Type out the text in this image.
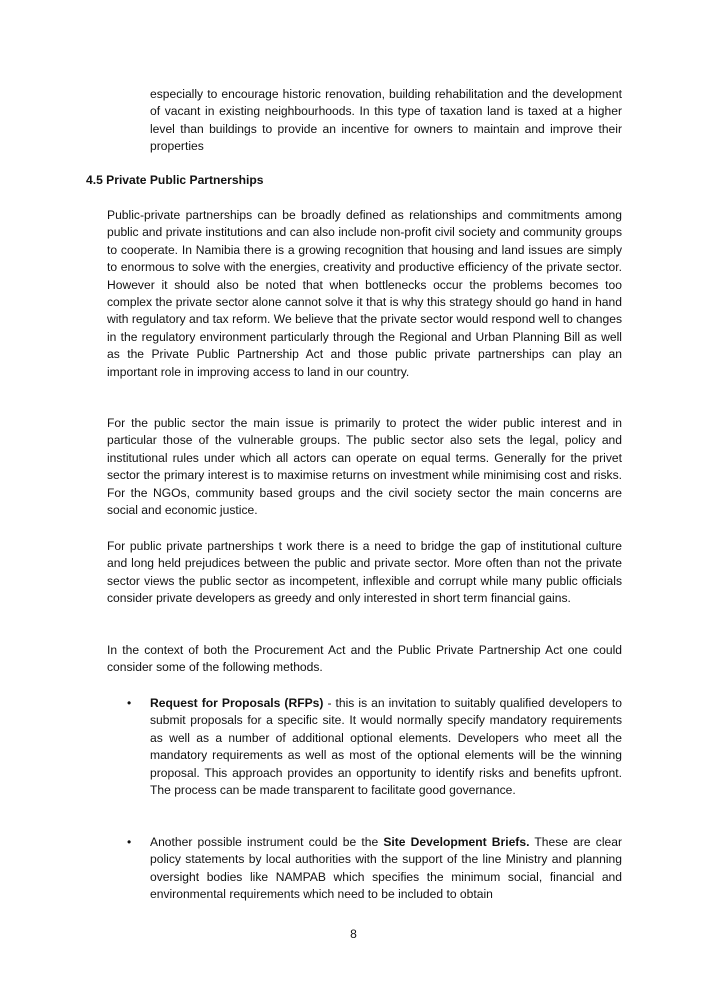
especially to encourage historic renovation, building rehabilitation and the development of vacant in existing neighbourhoods. In this type of taxation land is taxed at a higher level than buildings to provide an incentive for owners to maintain and improve their properties

4.5 Private Public Partnerships

Public-private partnerships can be broadly defined as relationships and commitments among public and private institutions and can also include non-profit civil society and community groups to cooperate. In Namibia there is a growing recognition that housing and land issues are simply to enormous to solve with the energies, creativity and productive efficiency of the private sector. However it should also be noted that when bottlenecks occur the problems becomes too complex the private sector alone cannot solve it that is why this strategy should go hand in hand with regulatory and tax reform. We believe that the private sector would respond well to changes in the regulatory environment particularly through the Regional and Urban Planning Bill as well as the Private Public Partnership Act and those public private partnerships can play an important role in improving access to land in our country.

For the public sector the main issue is primarily to protect the wider public interest and in particular those of the vulnerable groups. The public sector also sets the legal, policy and institutional rules under which all actors can operate on equal terms. Generally for the privet sector the primary interest is to maximise returns on investment while minimising cost and risks. For the NGOs, community based groups and the civil society sector the main concerns are social and economic justice.

For public private partnerships t work there is a need to bridge the gap of institutional culture and long held prejudices between the public and private sector. More often than not the private sector views the public sector as incompetent, inflexible and corrupt while many public officials consider private developers as greedy and only interested in short term financial gains.

In the context of both the Procurement Act and the Public Private Partnership Act one could consider some of the following methods.

• Request for Proposals (RFPs) - this is an invitation to suitably qualified developers to submit proposals for a specific site. It would normally specify mandatory requirements as well as a number of additional optional elements. Developers who meet all the mandatory requirements as well as most of the optional elements will be the winning proposal. This approach provides an opportunity to identify risks and benefits upfront. The process can be made transparent to facilitate good governance.
• Another possible instrument could be the Site Development Briefs. These are clear policy statements by local authorities with the support of the line Ministry and planning oversight bodies like NAMPAB which specifies the minimum social, financial and environmental requirements which need to be included to obtain
8
